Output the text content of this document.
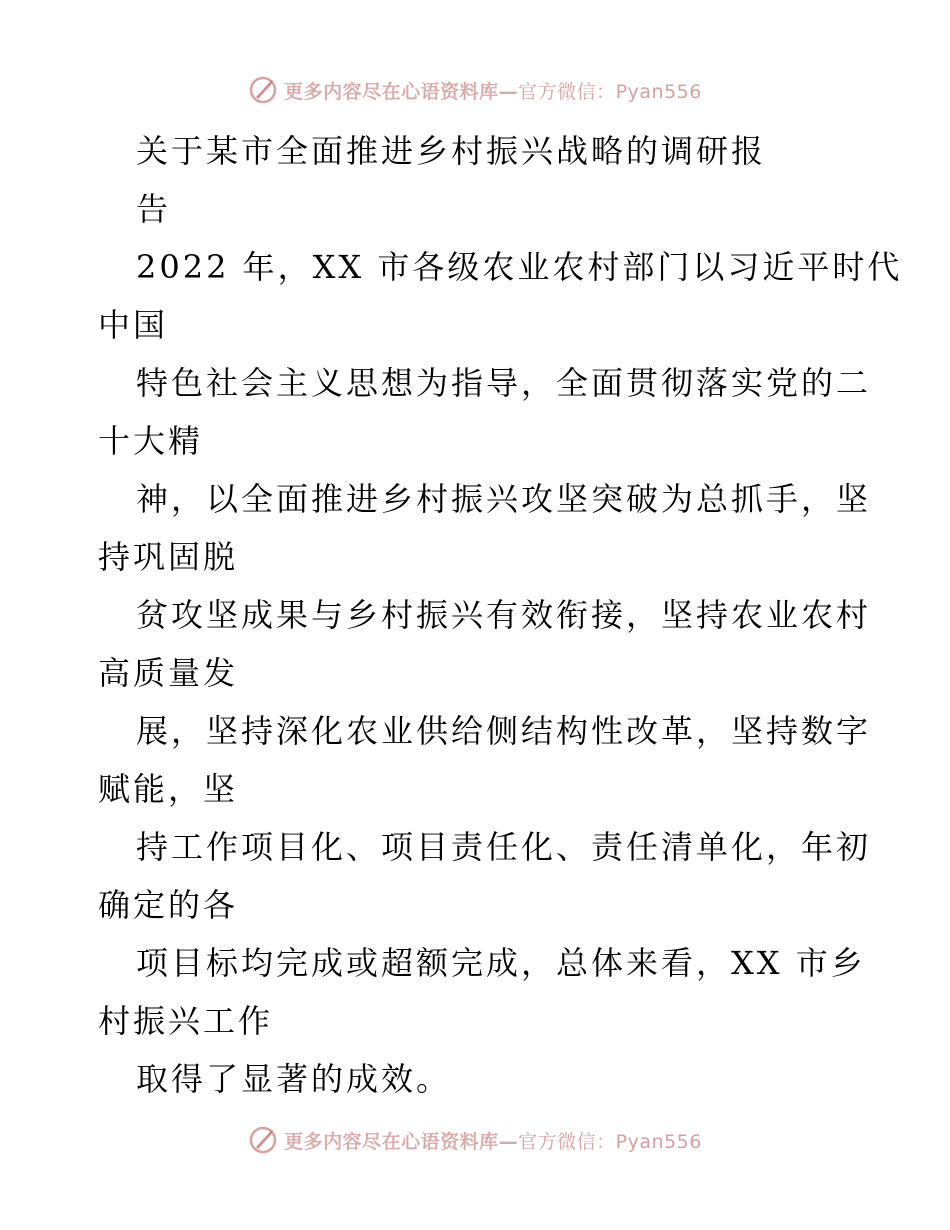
更多内容尽在心语资料库— 官方微信：Pyan556
关于某市全面推进乡村振兴战略的调研报
告
2022 年，XX 市各级农业农村部门以习近平时代
中国
特色社会主义思想为指导，全面贯彻落实党的二
十大精
神，以全面推进乡村振兴攻坚突破为总抓手，坚
持巩固脱
贫攻坚成果与乡村振兴有效衔接，坚持农业农村
高质量发
展，坚持深化农业供给侧结构性改革，坚持数字
赋能，坚
持工作项目化、项目责任化、责任清单化，年初
确定的各
项目标均完成或超额完成，总体来看，XX 市乡
村振兴工作
取得了显著的成效。
更多内容尽在心语资料库— 官方微信：Pyan556
